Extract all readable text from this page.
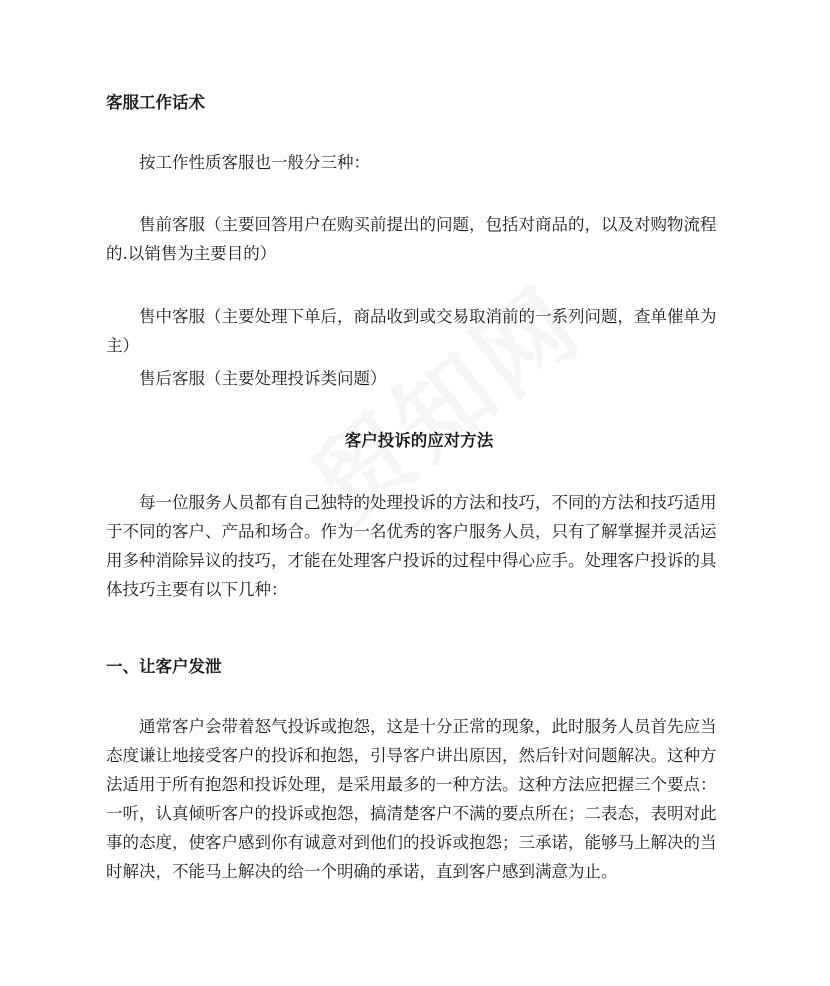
客服工作话术

按工作性质客服也一般分三种：

售前客服（主要回答用户在购买前提出的问题，包括对商品的，以及对购物流程的.以销售为主要目的）

售中客服（主要处理下单后，商品收到或交易取消前的一系列问题，查单催单为主）

售后客服（主要处理投诉类问题）

客户投诉的应对方法

每一位服务人员都有自己独特的处理投诉的方法和技巧，不同的方法和技巧适用于不同的客户、产品和场合。作为一名优秀的客户服务人员，只有了解掌握并灵活运用多种消除异议的技巧，才能在处理客户投诉的过程中得心应手。处理客户投诉的具体技巧主要有以下几种：

一、让客户发泄

通常客户会带着怒气投诉或抱怨，这是十分正常的现象，此时服务人员首先应当态度谦让地接受客户的投诉和抱怨，引导客户讲出原因，然后针对问题解决。这种方法适用于所有抱怨和投诉处理，是采用最多的一种方法。这种方法应把握三个要点：一听，认真倾听客户的投诉或抱怨，搞清楚客户不满的要点所在；二表态，表明对此事的态度，使客户感到你有诚意对到他们的投诉或抱怨；三承诺，能够马上解决的当时解决，不能马上解决的给一个明确的承诺，直到客户感到满意为止。
